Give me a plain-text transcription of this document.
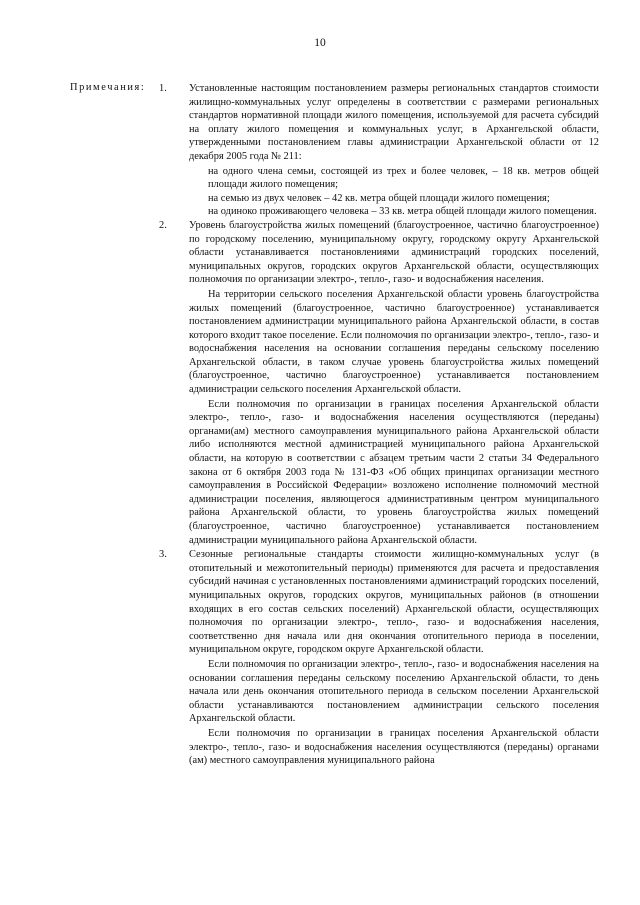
10
Примечания: 1. Установленные настоящим постановлением размеры региональных стандартов стоимости жилищно-коммунальных услуг определены в соответствии с размерами региональных стандартов нормативной площади жилого помещения, используемой для расчета субсидий на оплату жилого помещения и коммунальных услуг, в Архангельской области, утвержденными постановлением главы администрации Архангельской области от 12 декабря 2005 года № 211:

на одного члена семьи, состоящей из трех и более человек, – 18 кв. метров общей площади жилого помещения;

на семью из двух человек – 42 кв. метра общей площади жилого помещения;

на одиноко проживающего человека – 33 кв. метра общей площади жилого помещения.

2. Уровень благоустройства жилых помещений (благоустроенное, частично благоустроенное) по городскому поселению, муниципальному округу, городскому округу Архангельской области устанавливается постановлениями администраций городских поселений, муниципальных округов, городских округов Архангельской области, осуществляющих полномочия по организации электро-, тепло-, газо- и водоснабжения населения.

На территории сельского поселения Архангельской области уровень благоустройства жилых помещений (благоустроенное, частично благоустроенное) устанавливается постановлением администрации муниципального района Архангельской области, в состав которого входит такое поселение. Если полномочия по организации электро-, тепло-, газо- и водоснабжения населения на основании соглашения переданы сельскому поселению Архангельской области, в таком случае уровень благоустройства жилых помещений (благоустроенное, частично благоустроенное) устанавливается постановлением администрации сельского поселения Архангельской области.

Если полномочия по организации в границах поселения Архангельской области электро-, тепло-, газо- и водоснабжения населения осуществляются (переданы) органами(ам) местного самоуправления муниципального района Архангельской области либо исполняются местной администрацией муниципального района Архангельской области, на которую в соответствии с абзацем третьим части 2 статьи 34 Федерального закона от 6 октября 2003 года № 131-ФЗ «Об общих принципах организации местного самоуправления в Российской Федерации» возложено исполнение полномочий местной администрации поселения, являющегося административным центром муниципального района Архангельской области, то уровень благоустройства жилых помещений (благоустроенное, частично благоустроенное) устанавливается постановлением администрации муниципального района Архангельской области.

3. Сезонные региональные стандарты стоимости жилищно-коммунальных услуг (в отопительный и межотопительный периоды) применяются для расчета и предоставления субсидий начиная с установленных постановлениями администраций городских поселений, муниципальных округов, городских округов, муниципальных районов (в отношении входящих в его состав сельских поселений) Архангельской области, осуществляющих полномочия по организации электро-, тепло-, газо- и водоснабжения населения, соответственно дня начала или дня окончания отопительного периода в поселении, муниципальном округе, городском округе Архангельской области.

Если полномочия по организации электро-, тепло-, газо- и водоснабжения населения на основании соглашения переданы сельскому поселению Архангельской области, то день начала или день окончания отопительного периода в сельском поселении Архангельской области устанавливаются постановлением администрации сельского поселения Архангельской области.

Если полномочия по организации в границах поселения Архангельской области электро-, тепло-, газо- и водоснабжения населения осуществляются (переданы) органами (ам) местного самоуправления муниципального района
